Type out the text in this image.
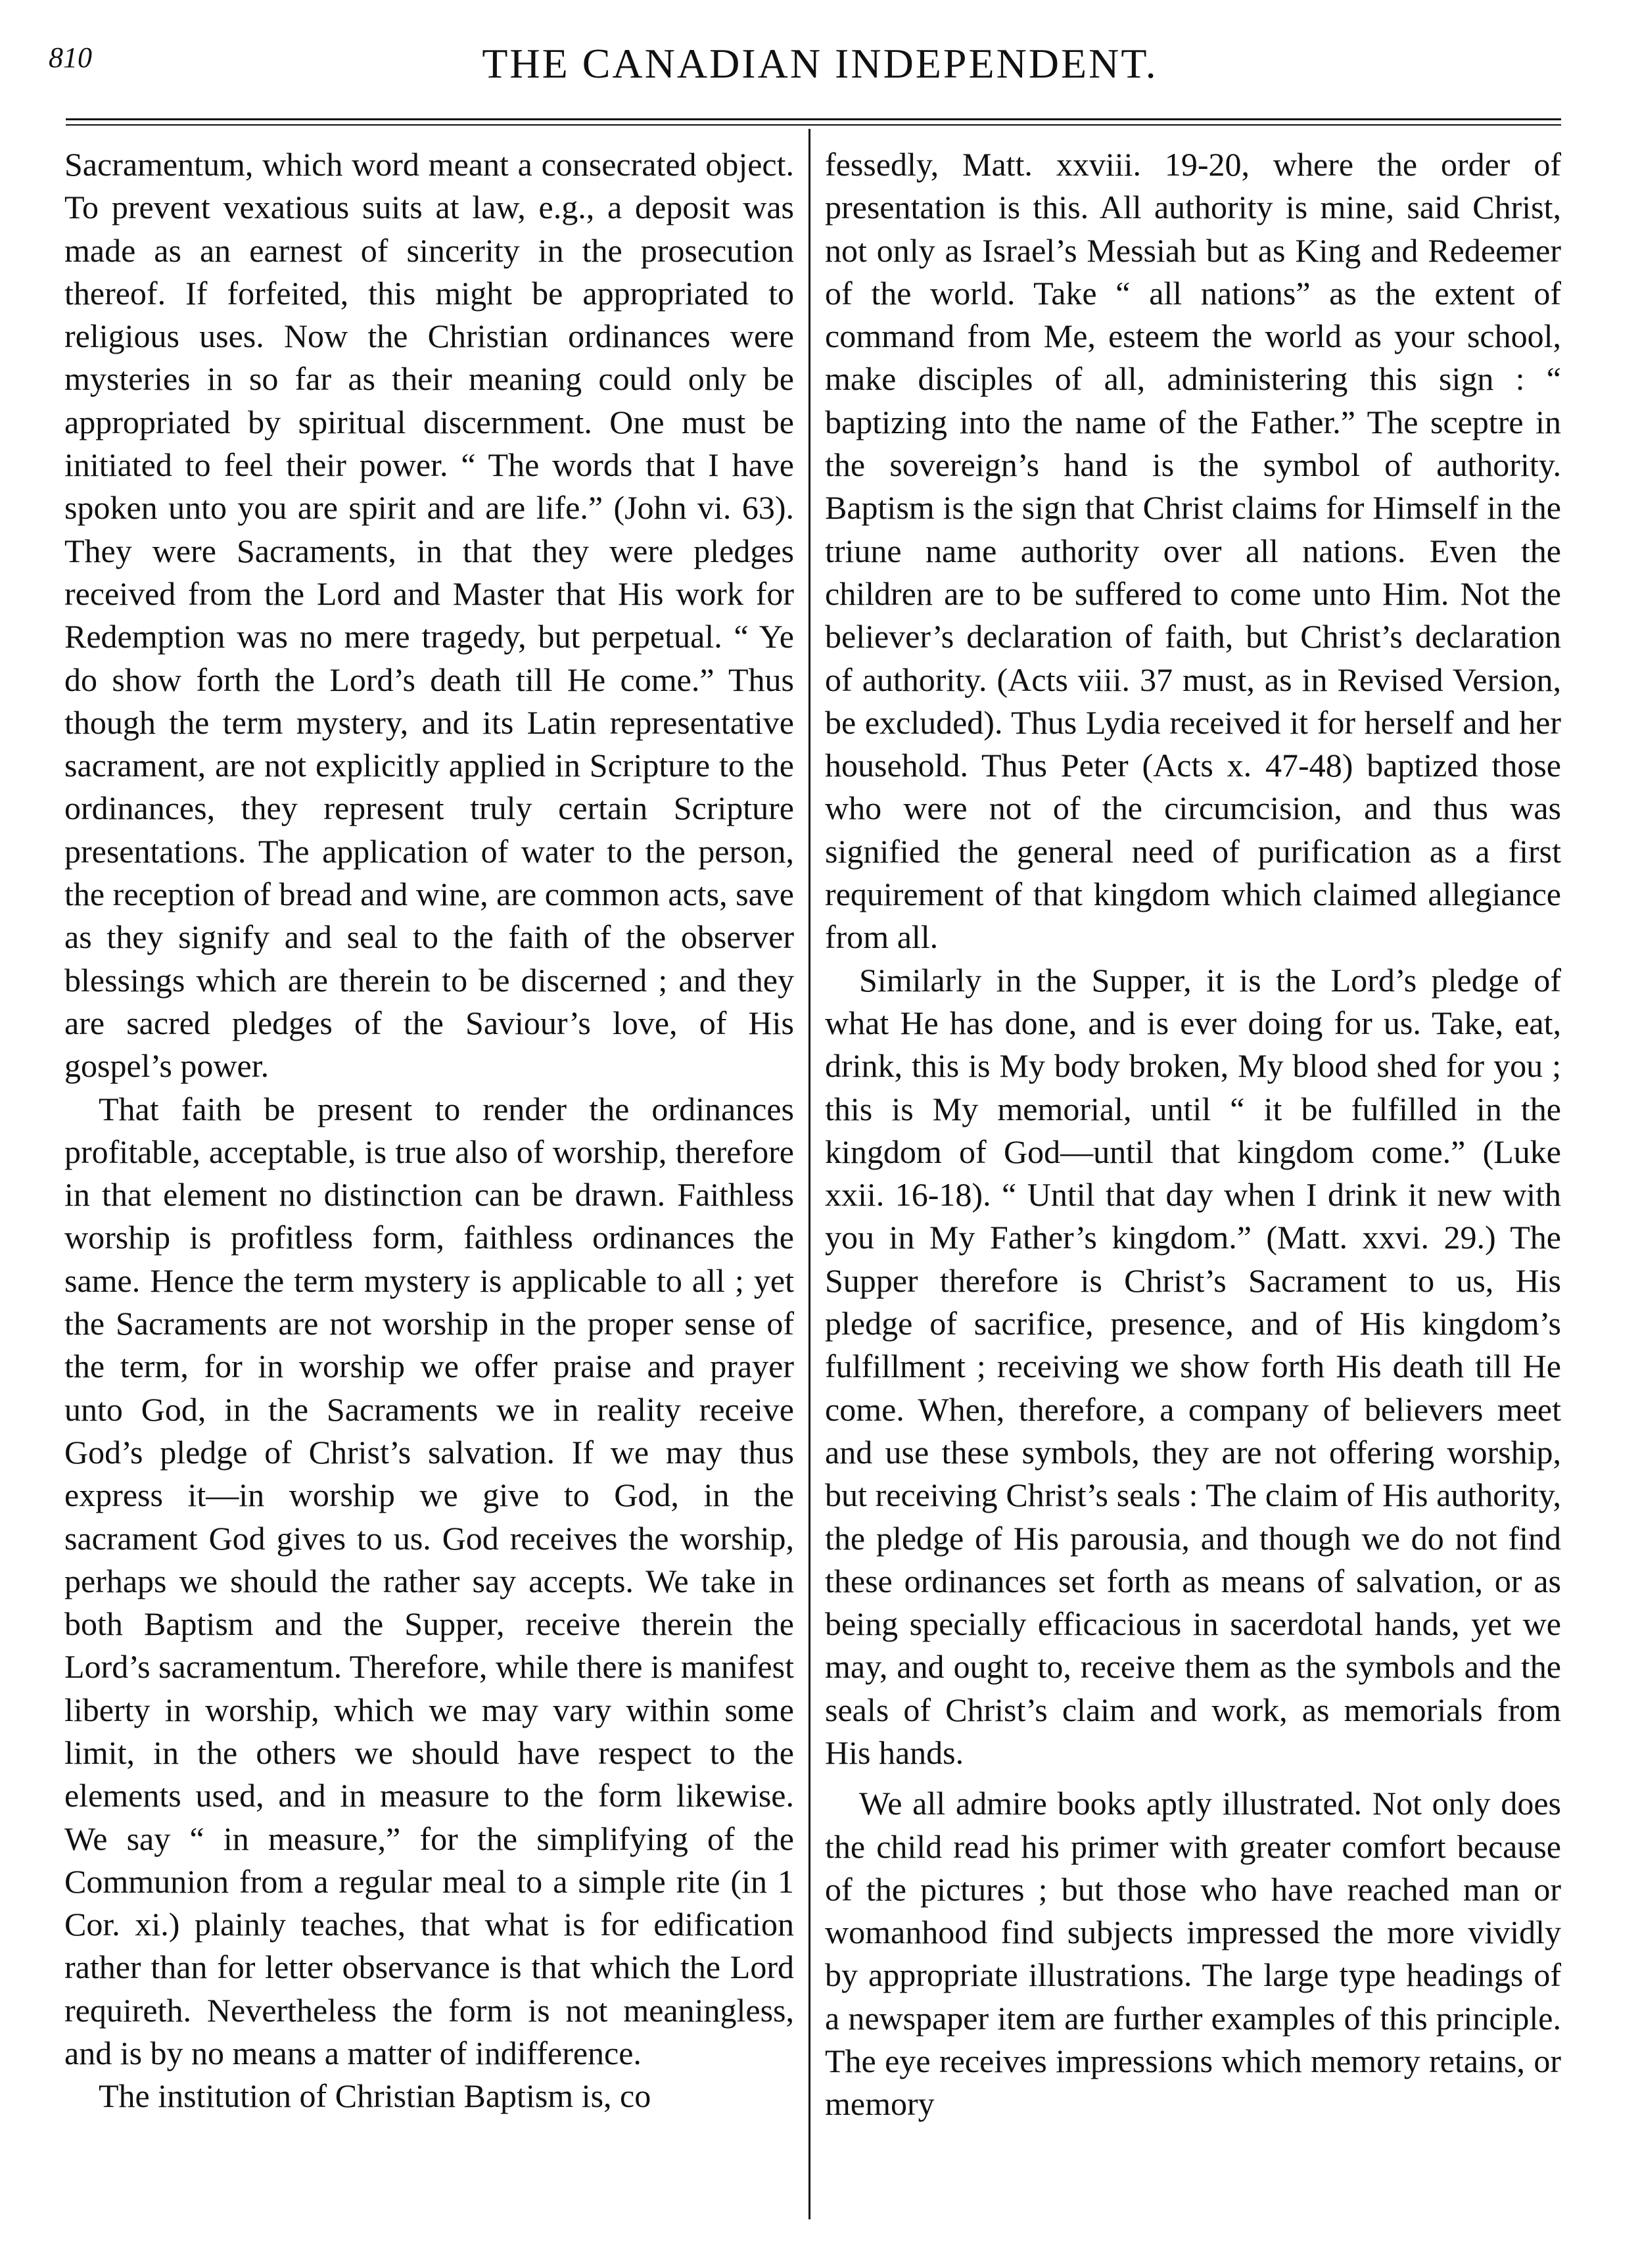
810	THE CANADIAN INDEPENDENT.

Sacramentum, which word meant a consecrated object. To prevent vexatious suits at law, e.g., a deposit was made as an earnest of sincerity in the prosecution thereof. If forfeited, this might be appropriated to religious uses. Now the Christian ordinances were mysteries in so far as their meaning could only be appropriated by spiritual discernment. One must be initiated to feel their power. “ The words that I have spoken unto you are spirit and are life.” (John vi. 63). They were Sacraments, in that they were pledges received from the Lord and Master that His work for Redemption was no mere tragedy, but perpetual. “ Ye do show forth the Lord’s death till He come.” Thus though the term mystery, and its Latin representative sacrament, are not explicitly applied in Scripture to the ordinances, they represent truly certain Scripture presentations. The application of water to the person, the reception of bread and wine, are common acts, save as they signify and seal to the faith of the observer blessings which are therein to be discerned ; and they are sacred pledges of the Saviour’s love, of His gospel’s power.

That faith be present to render the ordinances profitable, acceptable, is true also of worship, therefore in that element no distinction can be drawn. Faithless worship is profitless form, faithless ordinances the same. Hence the term mystery is applicable to all ; yet the Sacraments are not worship in the proper sense of the term, for in worship we offer praise and prayer unto God, in the Sacraments we in reality receive God’s pledge of Christ’s salvation. If we may thus express it—in worship we give to God, in the sacrament God gives to us. God receives the worship, perhaps we should the rather say accepts. We take in both Baptism and the Supper, receive therein the Lord’s sacramentum. Therefore, while there is manifest liberty in worship, which we may vary within some limit, in the others we should have respect to the elements used, and in measure to the form likewise. We say “ in measure,” for the simplifying of the Communion from a regular meal to a simple rite (in 1 Cor. xi.) plainly teaches, that what is for edification rather than for letter observance is that which the Lord requireth. Nevertheless the form is not meaningless, and is by no means a matter of indifference.

The institution of Christian Baptism is, co

fessedly, Matt. xxviii. 19-20, where the order of presentation is this. All authority is mine, said Christ, not only as Israel’s Messiah but as King and Redeemer of the world. Take “ all nations” as the extent of command from Me, esteem the world as your school, make disciples of all, administering this sign : “ baptizing into the name of the Father.” The sceptre in the sovereign’s hand is the symbol of authority. Baptism is the sign that Christ claims for Himself in the triune name authority over all nations. Even the children are to be suffered to come unto Him. Not the believer’s declaration of faith, but Christ’s declaration of authority. (Acts viii. 37 must, as in Revised Version, be excluded). Thus Lydia received it for herself and her household. Thus Peter (Acts x. 47-48) baptized those who were not of the circumcision, and thus was signified the general need of purification as a first requirement of that kingdom which claimed allegiance from all.

Similarly in the Supper, it is the Lord’s pledge of what He has done, and is ever doing for us. Take, eat, drink, this is My body broken, My blood shed for you ; this is My memorial, until “ it be fulfilled in the kingdom of God—until that kingdom come.” (Luke xxii. 16-18). “ Until that day when I drink it new with you in My Father’s kingdom.” (Matt. xxvi. 29.) The Supper therefore is Christ’s Sacrament to us, His pledge of sacrifice, presence, and of His kingdom’s fulfillment ; receiving we show forth His death till He come. When, therefore, a company of believers meet and use these symbols, they are not offering worship, but receiving Christ’s seals : The claim of His authority, the pledge of His parousia, and though we do not find these ordinances set forth as means of salvation, or as being specially efficacious in sacerdotal hands, yet we may, and ought to, receive them as the symbols and the seals of Christ’s claim and work, as memorials from His hands.

We all admire books aptly illustrated. Not only does the child read his primer with greater comfort because of the pictures ; but those who have reached man or womanhood find subjects impressed the more vividly by appropriate illustrations. The large type headings of a newspaper item are further examples of this principle. The eye receives impressions which memory retains, or memory
